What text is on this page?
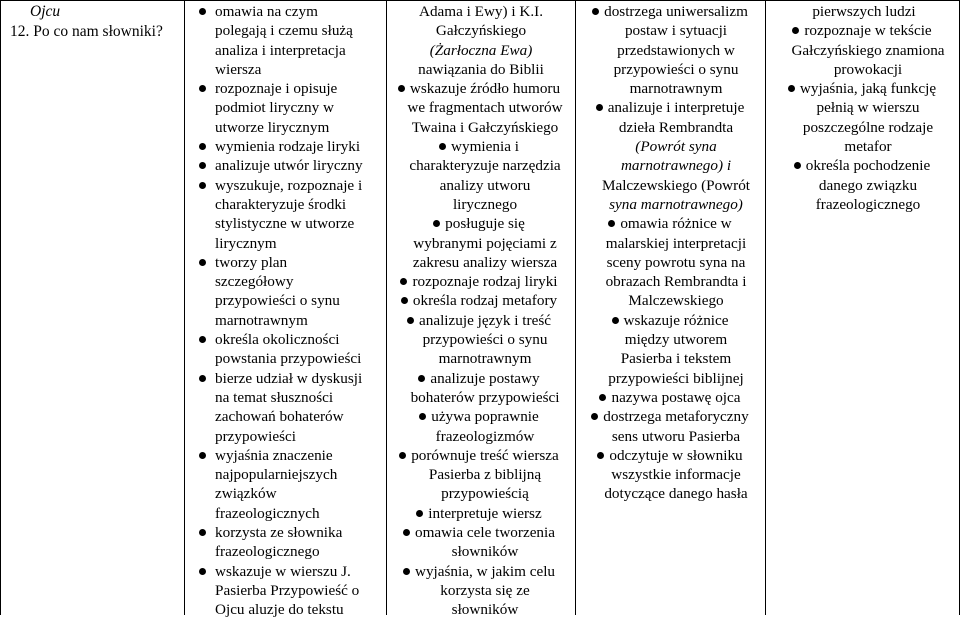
Ojcu
12. Po co nam słowniki?
omawia na czym
polegają i czemu służą
analiza i interpretacja
wiersza
rozpoznaje i opisuje
podmiot liryczny w
utworze lirycznym
wymienia rodzaje liryki
analizuje utwór liryczny
wyszukuje, rozpoznaje i
charakteryzuje środki
stylistyczne w utworze
lirycznym
tworzy plan
szczegółowy
przypowieści o synu
marnotrawnym
określa okoliczności
powstania przypowieści
bierze udział w dyskusji
na temat słuszności
zachowań bohaterów
przypowieści
wyjaśnia znaczenie
najpopularniejszych
związków
frazeologicznych
korzysta ze słownika
frazeologicznego
wskazuje w wierszu J.
Pasierba Przypowieść o
Ojcu aluzje do tekstu
Adama i Ewy) i K.I.
Gałczyńskiego
(Żarłoczna Ewa)
nawiązania do Biblii
wskazuje źródło humoru
we fragmentach utworów
Twaina i Gałczyńskiego
wymienia i
charakteryzuje narzędzia
analizy utworu
lirycznego
posługuje się
wybranymi pojęciami z
zakresu analizy wiersza
rozpoznaje rodzaj liryki
określa rodzaj metafory
analizuje język i treść
przypowieści o synu
marnotrawnym
analizuje postawy
bohaterów przypowieści
używa poprawnie
frazeologizmów
porównuje treść wiersza
Pasierba z biblijną
przypowieścią
interpretuje wiersz
omawia cele tworzenia
słowników
wyjaśnia, w jakim celu
korzysta się ze
słowników
dostrzega uniwersalizm
postaw i sytuacji
przedstawionych w
przypowieści o synu
marnotrawnym
analizuje i interpretuje
dzieła Rembrandta
(Powrót syna
marnotrawnego) i
Malczewskiego (Powrót
syna marnotrawnego)
omawia różnice w
malarskiej interpretacji
sceny powrotu syna na
obrazach Rembrandta i
Malczewskiego
wskazuje różnice
między utworem
Pasierba i tekstem
przypowieści biblijnej
nazywa postawę ojca
dostrzega metaforyczny
sens utworu Pasierba
odczytuje w słowniku
wszystkie informacje
dotyczące danego hasła
pierwszych ludzi
rozpoznaje w tekście
Gałczyńskiego znamiona
prowokacji
wyjaśnia, jaką funkcję
pełnią w wierszu
poszczególne rodzaje
metafor
określa pochodzenie
danego związku
frazeologicznego
